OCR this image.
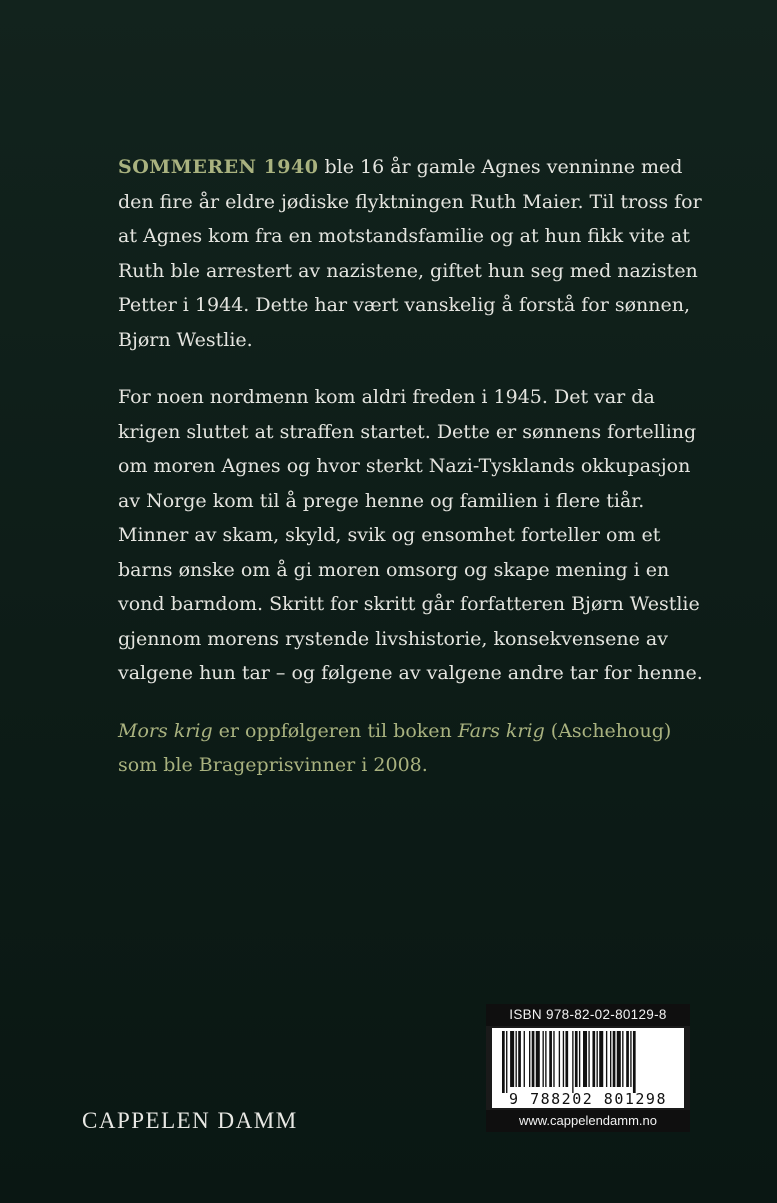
SOMMEREN 1940 ble 16 år gamle Agnes venninne med den fire år eldre jødiske flyktningen Ruth Maier. Til tross for at Agnes kom fra en motstandsfamilie og at hun fikk vite at Ruth ble arrestert av nazistene, giftet hun seg med nazisten Petter i 1944. Dette har vært vanskelig å forstå for sønnen, Bjørn Westlie.

For noen nordmenn kom aldri freden i 1945. Det var da krigen sluttet at straffen startet. Dette er sønnens fortelling om moren Agnes og hvor sterkt Nazi-Tysklands okkupasjon av Norge kom til å prege henne og familien i flere tiår. Minner av skam, skyld, svik og ensomhet forteller om et barns ønske om å gi moren omsorg og skape mening i en vond barndom. Skritt for skritt går forfatteren Bjørn Westlie gjennom morens rystende livshistorie, konsekvensene av valgene hun tar – og følgene av valgene andre tar for henne.

Mors krig er oppfølgeren til boken Fars krig (Aschehoug) som ble Brageprisvinner i 2008.

CAPPELEN DAMM
ISBN 978-82-02-80129-8
9 788202 801298
www.cappelendamm.no
